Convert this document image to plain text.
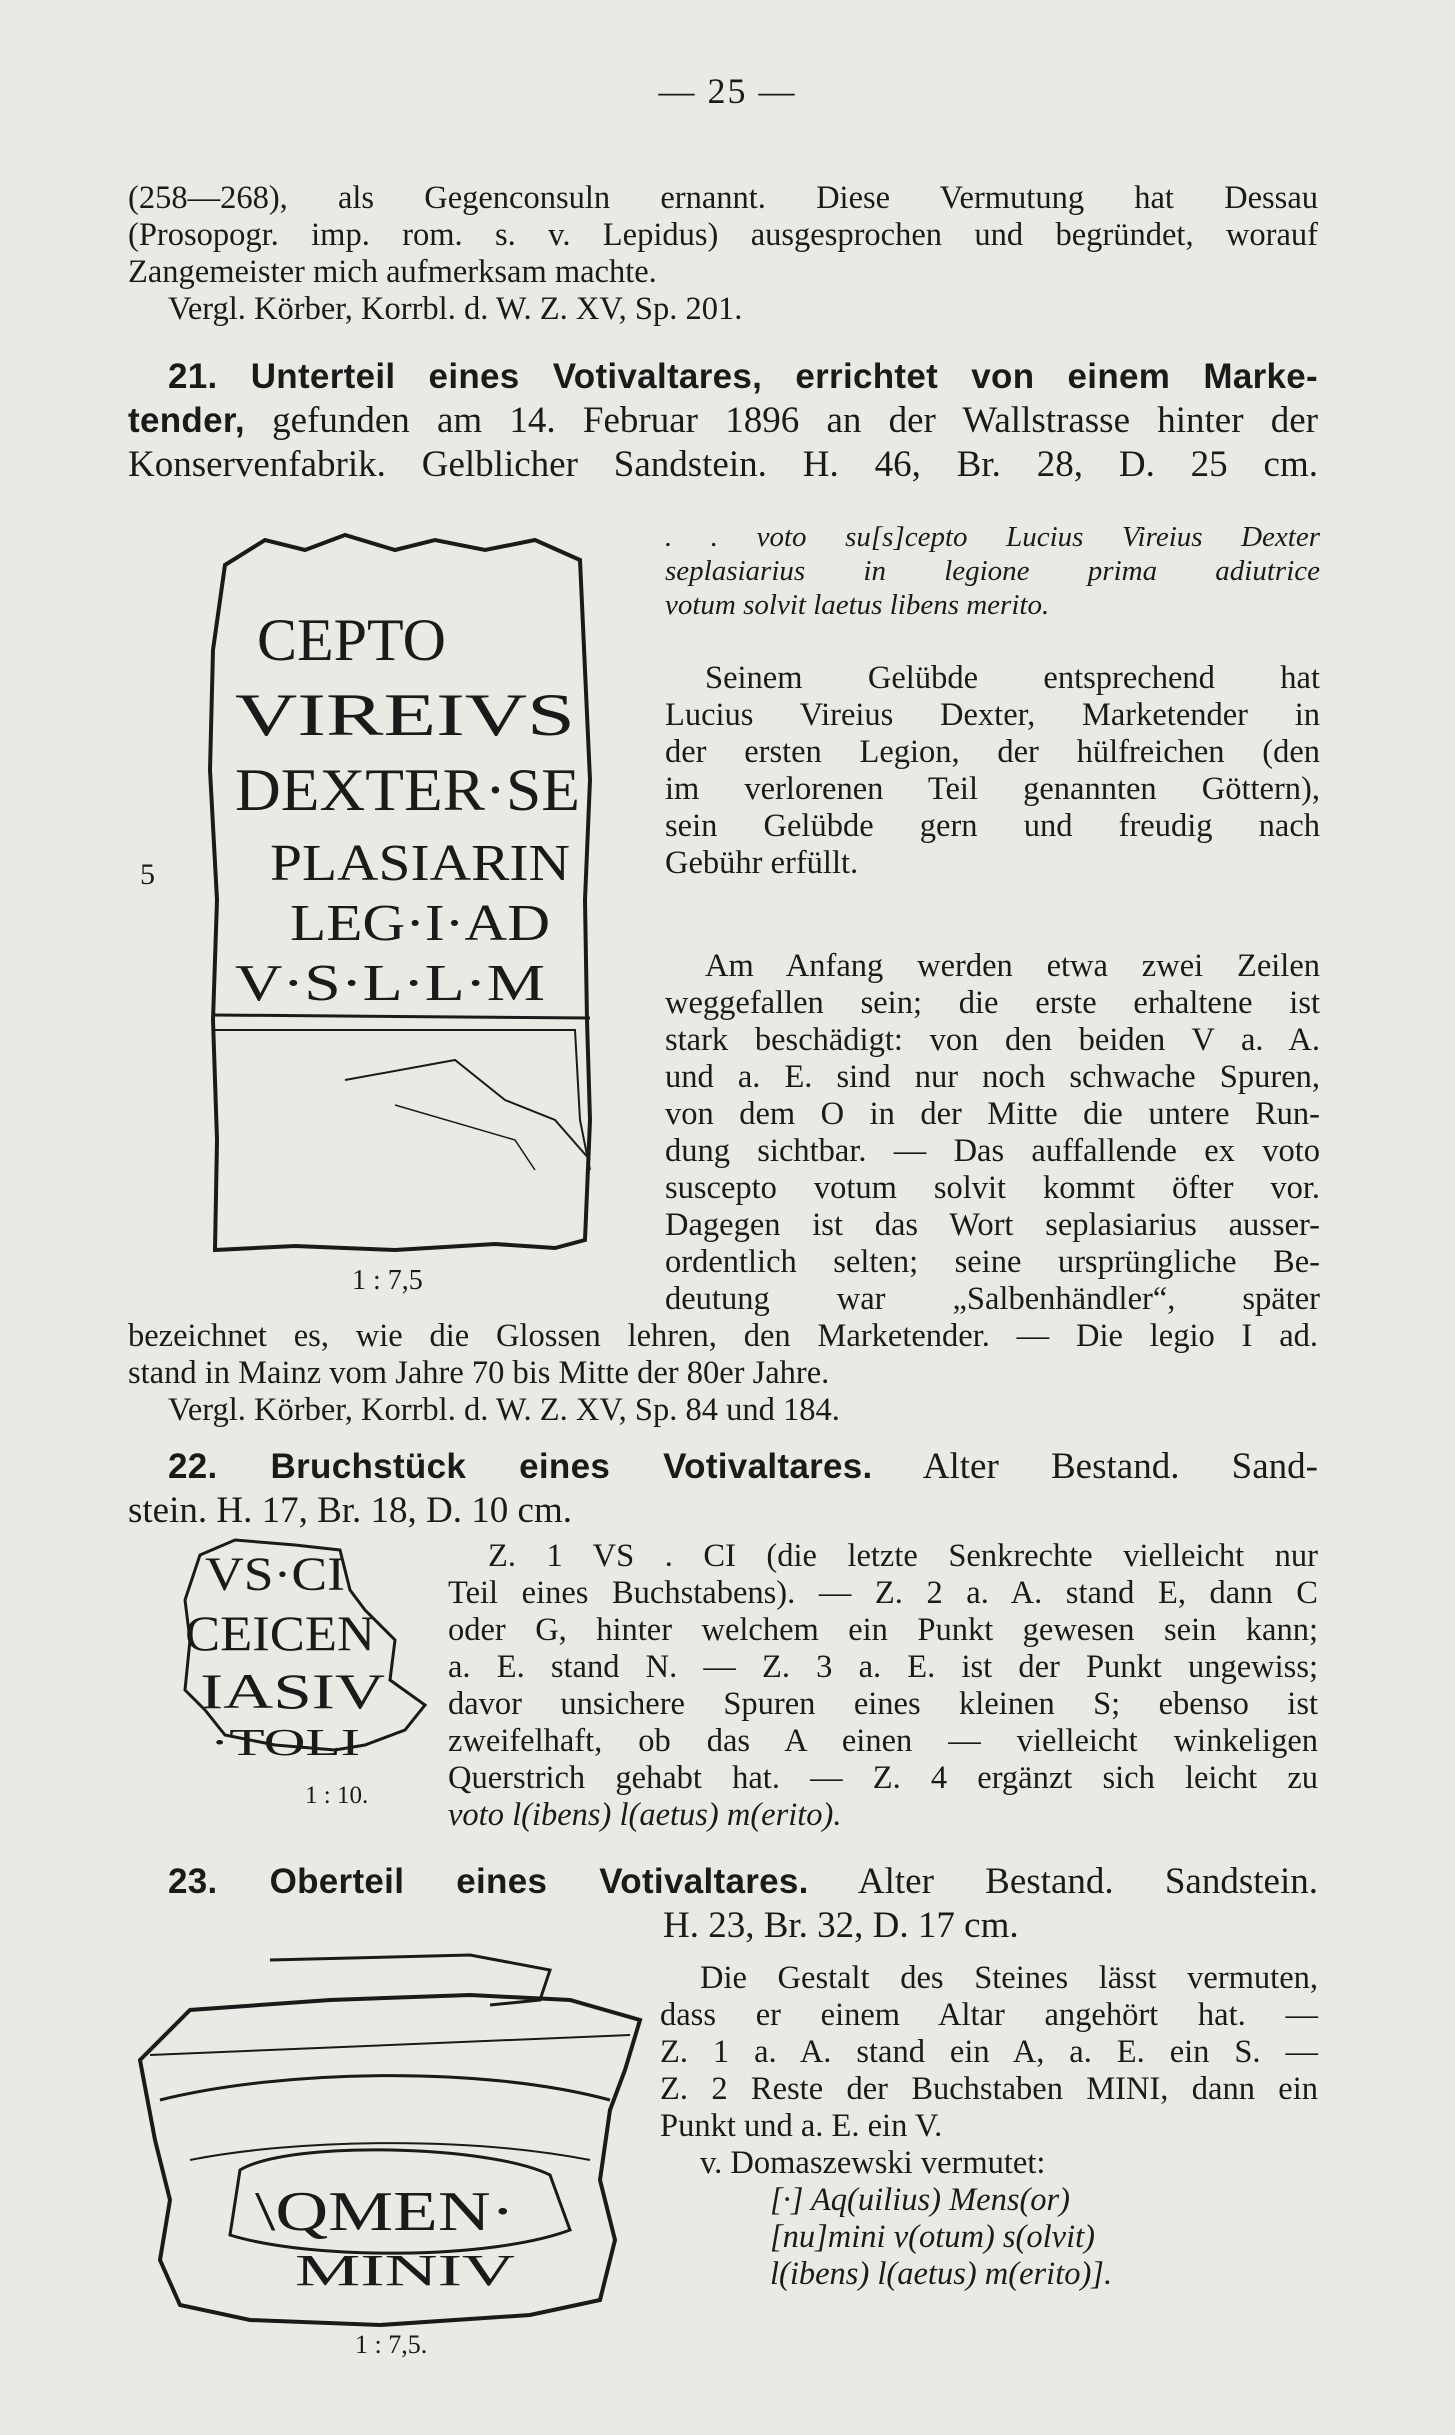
— 25 —

(258—268), als Gegenconsuln ernannt. Diese Vermutung hat Dessau

(Prosopogr. imp. rom. s. v. Lepidus) ausgesprochen und begründet, worauf

Zangemeister mich aufmerksam machte.

Vergl. Körber, Korrbl. d. W. Z. XV, Sp. 201.

21. Unterteil eines Votivaltares, errichtet von einem Marke-

tender, gefunden am 14. Februar 1896 an der Wallstrasse hinter der

Konservenfabrik. Gelblicher Sandstein. H. 46, Br. 28, D. 25 cm.

CEPTO
VIREIVS
DEXTER·SE
PLASIARIN
LEG·I·AD
V·S·L·L·M
5
1 : 7,5

. . voto su[s]cepto Lucius Vireius Dexter

seplasiarius in legione prima adiutrice

votum solvit laetus libens merito.

Seinem Gelübde entsprechend hat

Lucius Vireius Dexter, Marketender in

der ersten Legion, der hülfreichen (den

im verlorenen Teil genannten Göttern),

sein Gelübde gern und freudig nach

Gebühr erfüllt.

Am Anfang werden etwa zwei Zeilen

weggefallen sein; die erste erhaltene ist

stark beschädigt: von den beiden V a. A.

und a. E. sind nur noch schwache Spuren,

von dem O in der Mitte die untere Run-

dung sichtbar. — Das auffallende ex voto

suscepto votum solvit kommt öfter vor.

Dagegen ist das Wort seplasiarius ausser-

ordentlich selten; seine ursprüngliche Be-

deutung war „Salbenhändler“, später

bezeichnet es, wie die Glossen lehren, den Marketender. — Die legio I ad.

stand in Mainz vom Jahre 70 bis Mitte der 80er Jahre.

Vergl. Körber, Korrbl. d. W. Z. XV, Sp. 84 und 184.

22. Bruchstück eines Votivaltares. Alter Bestand. Sand-

stein. H. 17, Br. 18, D. 10 cm.

VS·CI
CEICEN
IASIV
·TOLI
1 : 10.

Z. 1 VS . CI (die letzte Senkrechte vielleicht nur

Teil eines Buchstabens). — Z. 2 a. A. stand E, dann C

oder G, hinter welchem ein Punkt gewesen sein kann;

a. E. stand N. — Z. 3 a. E. ist der Punkt ungewiss;

davor unsichere Spuren eines kleinen S; ebenso ist

zweifelhaft, ob das A einen — vielleicht winkeligen

Querstrich gehabt hat. — Z. 4 ergänzt sich leicht zu

voto l(ibens) l(aetus) m(erito).

23. Oberteil eines Votivaltares. Alter Bestand. Sandstein.

H. 23, Br. 32, D. 17 cm.

\QMEN·
MINIV
1 : 7,5.

Die Gestalt des Steines lässt vermuten,

dass er einem Altar angehört hat. —

Z. 1 a. A. stand ein A, a. E. ein S. —

Z. 2 Reste der Buchstaben MINI, dann ein

Punkt und a. E. ein V.

v. Domaszewski vermutet:

[·] Aq(uilius) Mens(or)

[nu]mini v(otum) s(olvit)

l(ibens) l(aetus) m(erito)].
